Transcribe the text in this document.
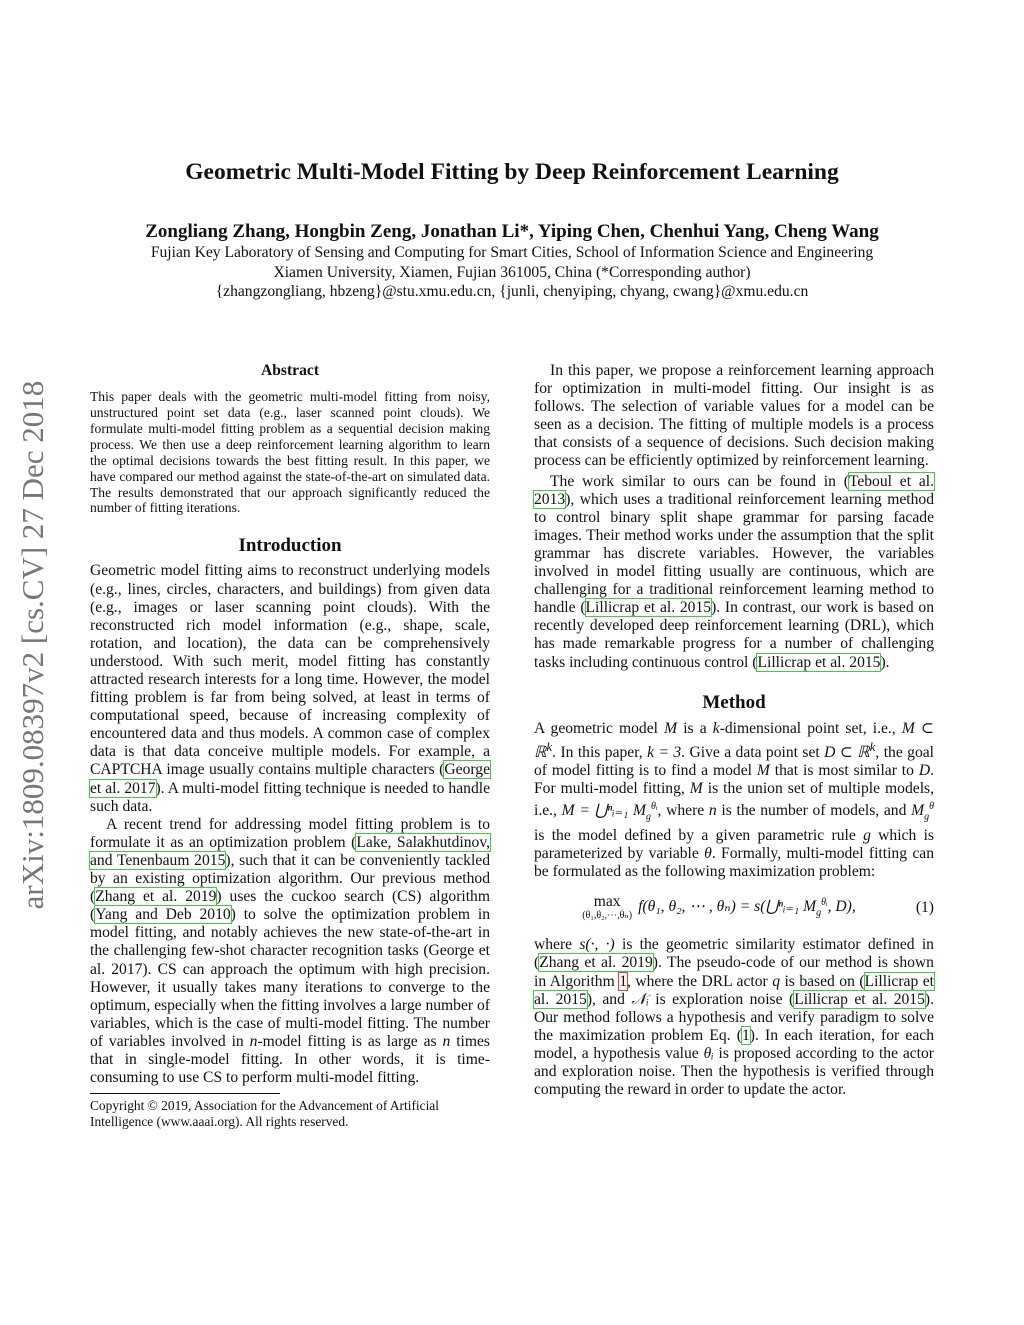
arXiv:1809.08397v2 [cs.CV] 27 Dec 2018
Geometric Multi-Model Fitting by Deep Reinforcement Learning
Zongliang Zhang, Hongbin Zeng, Jonathan Li*, Yiping Chen, Chenhui Yang, Cheng Wang
Fujian Key Laboratory of Sensing and Computing for Smart Cities, School of Information Science and Engineering
Xiamen University, Xiamen, Fujian 361005, China (*Corresponding author)
{zhangzongliang, hbzeng}@stu.xmu.edu.cn, {junli, chenyiping, chyang, cwang}@xmu.edu.cn
Abstract

This paper deals with the geometric multi-model fitting from noisy, unstructured point set data (e.g., laser scanned point clouds). We formulate multi-model fitting problem as a sequential decision making process. We then use a deep reinforcement learning algorithm to learn the optimal decisions towards the best fitting result. In this paper, we have compared our method against the state-of-the-art on simulated data. The results demonstrated that our approach significantly reduced the number of fitting iterations.

Introduction

Geometric model fitting aims to reconstruct underlying models (e.g., lines, circles, characters, and buildings) from given data (e.g., images or laser scanning point clouds). With the reconstructed rich model information (e.g., shape, scale, rotation, and location), the data can be comprehensively understood. With such merit, model fitting has constantly attracted research interests for a long time. However, the model fitting problem is far from being solved, at least in terms of computational speed, because of increasing complexity of encountered data and thus models. A common case of complex data is that data conceive multiple models. For example, a CAPTCHA image usually contains multiple characters (George et al. 2017). A multi-model fitting technique is needed to handle such data.

A recent trend for addressing model fitting problem is to formulate it as an optimization problem (Lake, Salakhutdinov, and Tenenbaum 2015), such that it can be conveniently tackled by an existing optimization algorithm. Our previous method (Zhang et al. 2019) uses the cuckoo search (CS) algorithm (Yang and Deb 2010) to solve the optimization problem in model fitting, and notably achieves the new state-of-the-art in the challenging few-shot character recognition tasks (George et al. 2017). CS can approach the optimum with high precision. However, it usually takes many iterations to converge to the optimum, especially when the fitting involves a large number of variables, which is the case of multi-model fitting. The number of variables involved in n-model fitting is as large as n times that in single-model fitting. In other words, it is time-consuming to use CS to perform multi-model fitting.

Copyright © 2019, Association for the Advancement of Artificial Intelligence (www.aaai.org). All rights reserved.

In this paper, we propose a reinforcement learning approach for optimization in multi-model fitting. Our insight is as follows. The selection of variable values for a model can be seen as a decision. The fitting of multiple models is a process that consists of a sequence of decisions. Such decision making process can be efficiently optimized by reinforcement learning.

The work similar to ours can be found in (Teboul et al. 2013), which uses a traditional reinforcement learning method to control binary split shape grammar for parsing facade images. Their method works under the assumption that the split grammar has discrete variables. However, the variables involved in model fitting usually are continuous, which are challenging for a traditional reinforcement learning method to handle (Lillicrap et al. 2015). In contrast, our work is based on recently developed deep reinforcement learning (DRL), which has made remarkable progress for a number of challenging tasks including continuous control (Lillicrap et al. 2015).

Method

A geometric model M is a k-dimensional point set, i.e., M ⊂ ℝ$^k$. In this paper, k = 3. Give a data point set D ⊂ ℝ$^k$, the goal of model fitting is to find a model M that is most similar to D. For multi-model fitting, M is the union set of multiple models, i.e., M = ⋃ⁿᵢ₌₁ $M_g^{\theta ᵢ}$, where n is the number of models, and $M_g^\theta$ is the model defined by a given parametric rule g which is parameterized by variable θ. Formally, multi-model fitting can be formulated as the following maximization problem:

max
(θ₁,θ₂,⋯,θₙ)
f(θ₁, θ₂, ⋯ , θₙ) = s(⋃ⁿᵢ₌₁ $M_g^{\theta ᵢ}$, D),	(1)

where s(·, ·) is the geometric similarity estimator defined in (Zhang et al. 2019). The pseudo-code of our method is shown in Algorithm 1, where the DRL actor q is based on (Lillicrap et al. 2015), and 𝒩ᵢ is exploration noise (Lillicrap et al. 2015). Our method follows a hypothesis and verify paradigm to solve the maximization problem Eq. (1). In each iteration, for each model, a hypothesis value θᵢ is proposed according to the actor and exploration noise. Then the hypothesis is verified through computing the reward in order to update the actor.
